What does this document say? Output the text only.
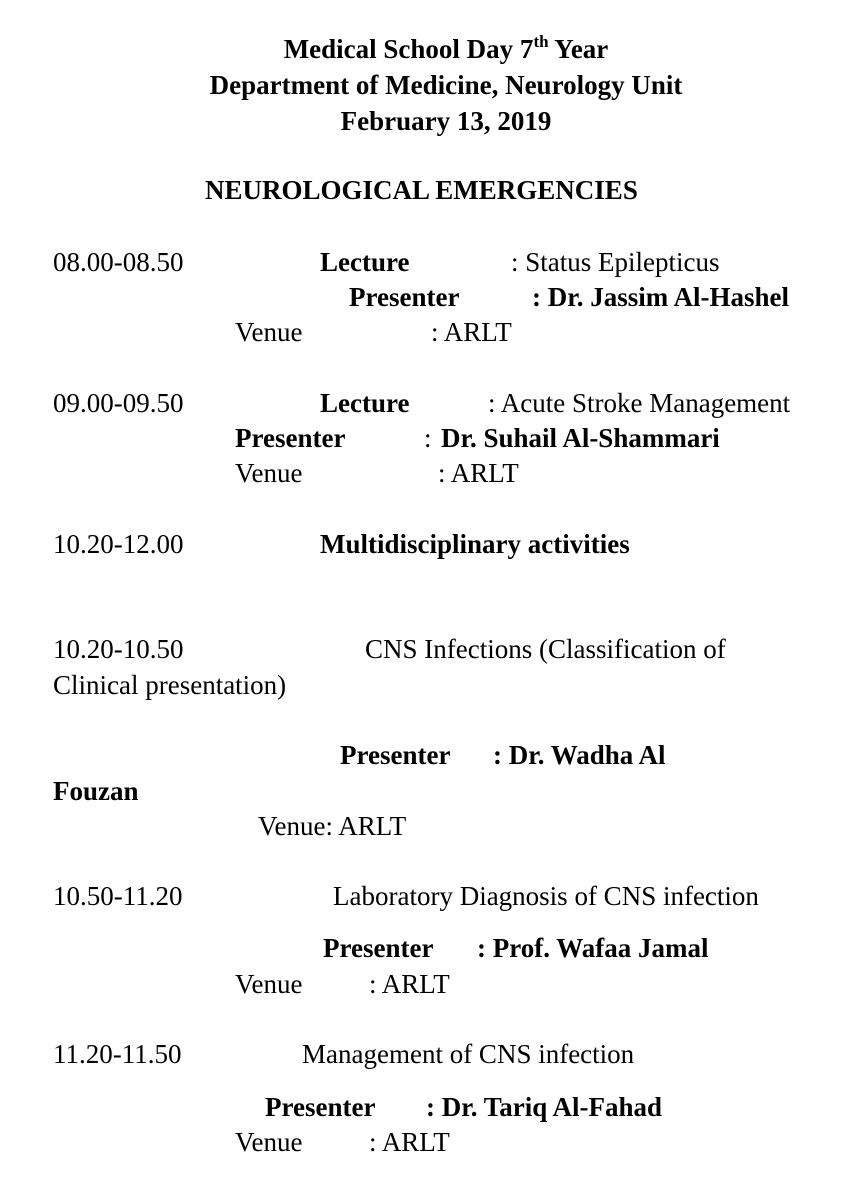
Medical School Day 7th Year
Department of Medicine, Neurology Unit
February 13, 2019
NEUROLOGICAL EMERGENCIES
08.00-08.50	Lecture	: Status Epilepticus
Presenter	: Dr. Jassim Al-Hashel
Venue	: ARLT
09.00-09.50	Lecture	: Acute Stroke Management
Presenter	: Dr. Suhail Al-Shammari
Venue	: ARLT
10.20-12.00	Multidisciplinary activities
10.20-10.50	CNS Infections (Classification of
Clinical presentation)
Presenter : Dr. Wadha Al
Fouzan
Venue: ARLT
10.50-11.20	Laboratory Diagnosis of CNS infection
Presenter : Prof. Wafaa Jamal
Venue : ARLT
11.20-11.50	Management of CNS infection
Presenter : Dr. Tariq Al-Fahad
Venue : ARLT
